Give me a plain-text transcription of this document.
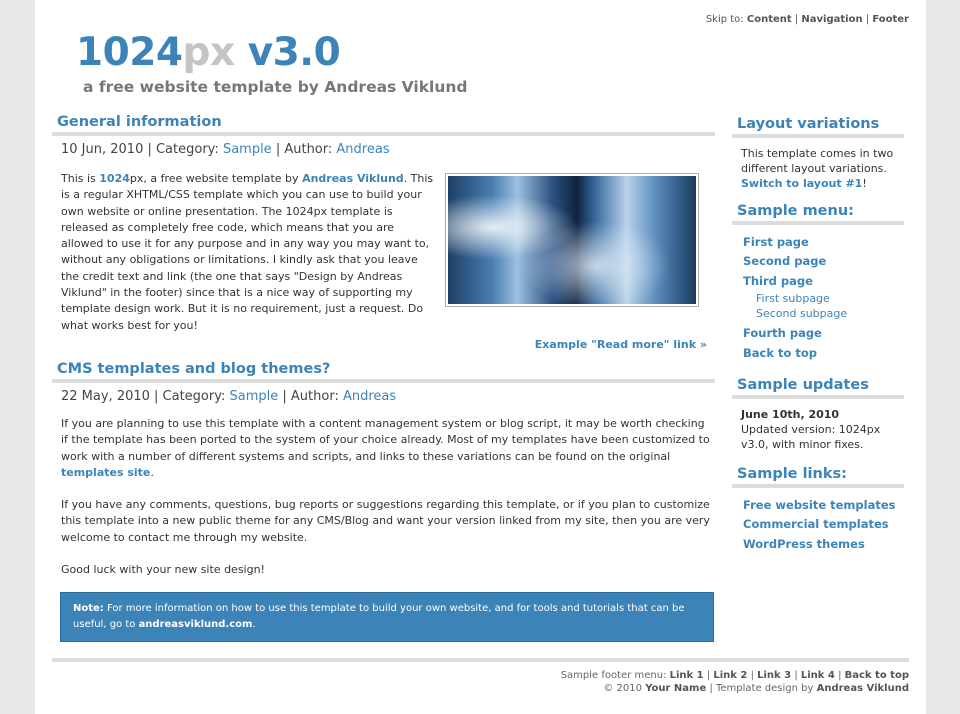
Skip to: Content | Navigation | Footer
1024px v3.0
a free website template by Andreas Viklund
General information
10 Jun, 2010 | Category: Sample | Author: Andreas
This is 1024px, a free website template by Andreas Viklund. This is a regular XHTML/CSS template which you can use to build your own website or online presentation. The 1024px template is released as completely free code, which means that you are allowed to use it for any purpose and in any way you may want to, without any obligations or limitations. I kindly ask that you leave the credit text and link (the one that says "Design by Andreas Viklund" in the footer) since that is a nice way of supporting my template design work. But it is no requirement, just a request. Do what works best for you!
Example "Read more" link »
CMS templates and blog themes?
22 May, 2010 | Category: Sample | Author: Andreas
If you are planning to use this template with a content management system or blog script, it may be worth checking if the template has been ported to the system of your choice already. Most of my templates have been customized to work with a number of different systems and scripts, and links to these variations can be found on the original templates site.
If you have any comments, questions, bug reports or suggestions regarding this template, or if you plan to customize this template into a new public theme for any CMS/Blog and want your version linked from my site, then you are very welcome to contact me through my website.
Good luck with your new site design!
Note: For more information on how to use this template to build your own website, and for tools and tutorials that can be useful, go to andreasviklund.com.
Layout variations
This template comes in two different layout variations.
Switch to layout #1!
Sample menu:
First page
Second page
Third page
First subpage
Second subpage
Fourth page
Back to top
Sample updates
June 10th, 2010
Updated version: 1024px v3.0, with minor fixes.
Sample links:
Free website templates
Commercial templates
WordPress themes
Sample footer menu: Link 1 | Link 2 | Link 3 | Link 4 | Back to top
© 2010 Your Name | Template design by Andreas Viklund
